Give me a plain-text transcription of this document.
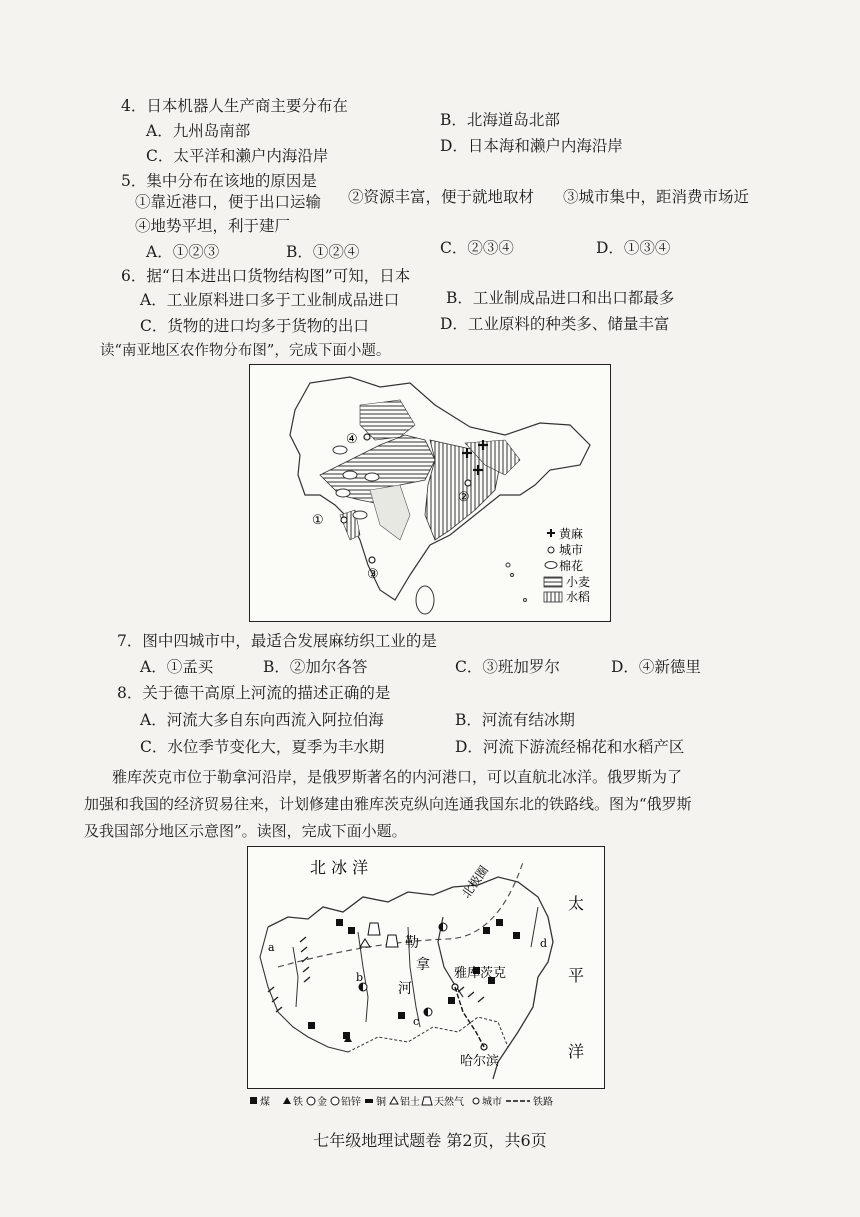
4．日本机器人生产商主要分布在
B．北海道岛北部
A．九州岛南部
D．日本海和濑户内海沿岸
C．太平洋和濑户内海沿岸
5．集中分布在该地的原因是
①靠近港口，便于出口运输 ②资源丰富，便于就地取材 ③城市集中，距消费市场近
④地势平坦，利于建厂
A．①②③	B．①②④	C．②③④	D．①③④
6．据“日本进出口货物结构图”可知，日本
A．工业原料进口多于工业制成品进口	B．工业制成品进口和出口都最多
C．货物的进口均多于货物的出口	D．工业原料的种类多、储量丰富
读“南亚地区农作物分布图”，完成下面小题。
①
②
③
④
黄麻
城市
棉花
小麦
水稻
7．图中四城市中，最适合发展麻纺织工业的是
A．①孟买	B．②加尔各答	C．③班加罗尔	D．④新德里
8．关于德干高原上河流的描述正确的是
A．河流大多自东向西流入阿拉伯海	B．河流有结冰期
C．水位季节变化大，夏季为丰水期	D．河流下游流经棉花和水稻产区
雅库茨克市位于勒拿河沿岸，是俄罗斯著名的内河港口，可以直航北冰洋。俄罗斯为了
加强和我国的经济贸易往来，计划修建由雅库茨克纵向连通我国东北的铁路线。图为“俄罗斯
及我国部分地区示意图”。读图，完成下面小题。
北 冰 洋
太
平
洋
北极圈
勒
拿
河
雅库茨克
哈尔滨
a
b
c
d
煤 铁 金 铅锌 铜 铝土 天然气 城市	铁路
七年级地理试题卷 第2页，共6页
